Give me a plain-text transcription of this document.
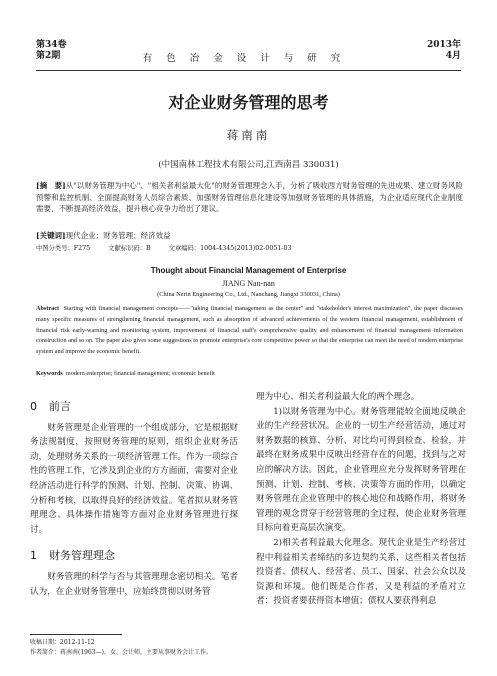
第34卷
第2期	有色冶金设计与研究
2013年
4月
对企业财务管理的思考
蒋南南
(中国南林工程技术有限公司,江西南昌 330031)
[摘　要]从"以财务管理为中心"、"相关者利益最大化"的财务管理理念入手，分析了吸收西方财务管理的先进成果、建立财务风险预警和监控机制、全面提高财务人员综合素质、加强财务管理信息化建设等加强财务管理的具体措施，为企业适应现代企业制度需要，不断提高经济效益，提升核心竞争力给出了建议。
[关键词]现代企业；财务管理；经济效益
中图分类号：F275	文献标识码：B	文章编码：1004-4345(2013)02-0051-03
Thought about Financial Management of Enterprise
JIANG Nan-nan
(China Nerin Engineering Co., Ltd., Nanchang, Jiangxi 330031, China)
Abstract Starting with financial management concepts——"taking financial management as the center" and "stakeholder's interest maximization", the paper discusses many specific measures of strengthening financial management, such as absorption of advanced achievements of the western financial management, establishment of financial risk early-warning and monitoring system, improvement of financial staff's comprehensive quality and enhancement of financial management information construction and so on. The paper also gives some suggestions to promote enterprise's core competitive power so that the enterprise can meet the need of modern enterprise system and improve the economic benefit.
Keywords modern enterprise; financial management; economic benefit
0 前言

财务管理是企业管理的一个组成部分，它是根据财务法规制度，按照财务管理的原则，组织企业财务活动，处理财务关系的一项经济管理工作。作为一项综合性的管理工作，它涉及到企业的方方面面，需要对企业经济活动进行科学的预测、计划、控制、决策、协调、分析和考核，以取得良好的经济效益。笔者拟从财务管理理念、具体操作措施等方面对企业财务管理进行探讨。

1 财务管理理念

财务管理的科学与否与其管理理念密切相关。笔者认为，在企业财务管理中，应始终贯彻以财务管

理为中心、相关者利益最大化的两个理念。

1)以财务管理为中心。财务管理能较全面地反映企业的生产经营状况。企业的一切生产经营活动，通过对财务数据的核算、分析、对比均可得到检查、检验，并最终在财务成果中反映出经营存在的问题，找到与之对应的解决方法。因此，企业管理应充分发挥财务管理在预测、计划、控制、考核、决策等方面的作用，以确定财务管理在企业管理中的核心地位和战略作用，将财务管理的观念贯穿于经营管理的全过程，使企业财务管理目标向着更高层次演变。

2)相关者利益最大化理念。现代企业是生产经营过程中利益相关者缔结的多边契约关系，这些相关者包括投资者、债权人、经营者、员工、国家、社会公众以及资源和环境。他们既是合作者，又是利益的矛盾对立者：投资者要获得资本增值；债权人要获得利息

收稿日期：2012-11-12
作者简介：蒋南南(1963—)，女，会计师，主要从事财务会计工作。
